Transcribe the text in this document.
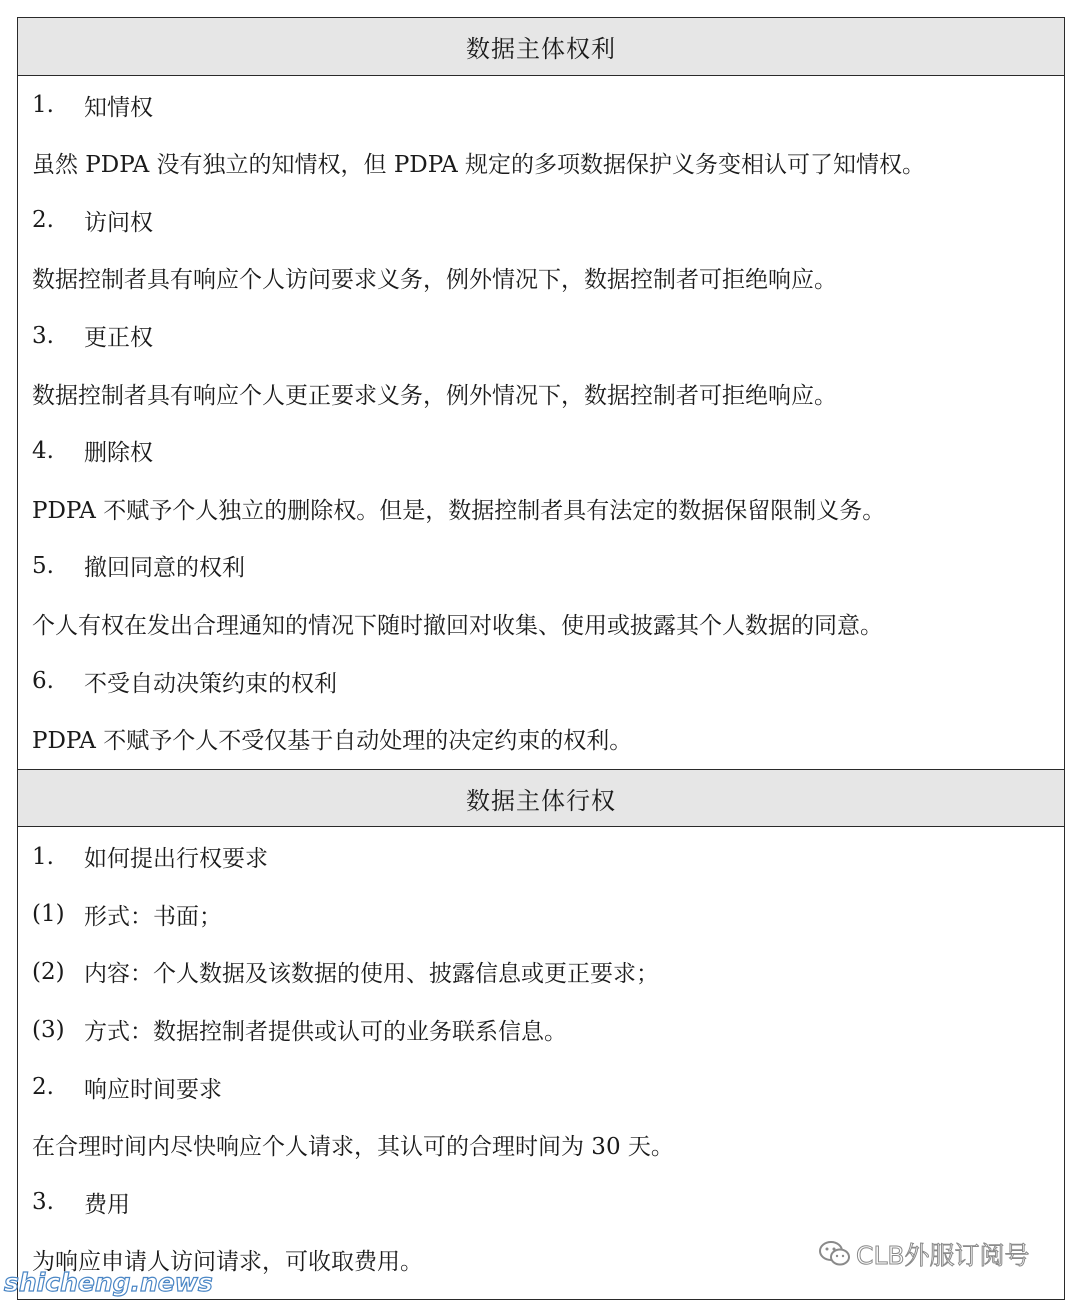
数据主体权利
1.	知情权
虽然 PDPA 没有独立的知情权，但 PDPA 规定的多项数据保护义务变相认可了知情权。
2.	访问权
数据控制者具有响应个人访问要求义务，例外情况下，数据控制者可拒绝响应。
3.	更正权
数据控制者具有响应个人更正要求义务，例外情况下，数据控制者可拒绝响应。
4.	删除权
PDPA 不赋予个人独立的删除权。但是，数据控制者具有法定的数据保留限制义务。
5.	撤回同意的权利
个人有权在发出合理通知的情况下随时撤回对收集、使用或披露其个人数据的同意。
6.	不受自动决策约束的权利
PDPA 不赋予个人不受仅基于自动处理的决定约束的权利。
数据主体行权
1.	如何提出行权要求
(1) 形式：书面；
(2) 内容：个人数据及该数据的使用、披露信息或更正要求；
(3) 方式：数据控制者提供或认可的业务联系信息。
2.	响应时间要求
在合理时间内尽快响应个人请求，其认可的合理时间为 30 天。
3.	费用
为响应申请人访问请求，可收取费用。	CLB外服订阅号
shicheng.news
